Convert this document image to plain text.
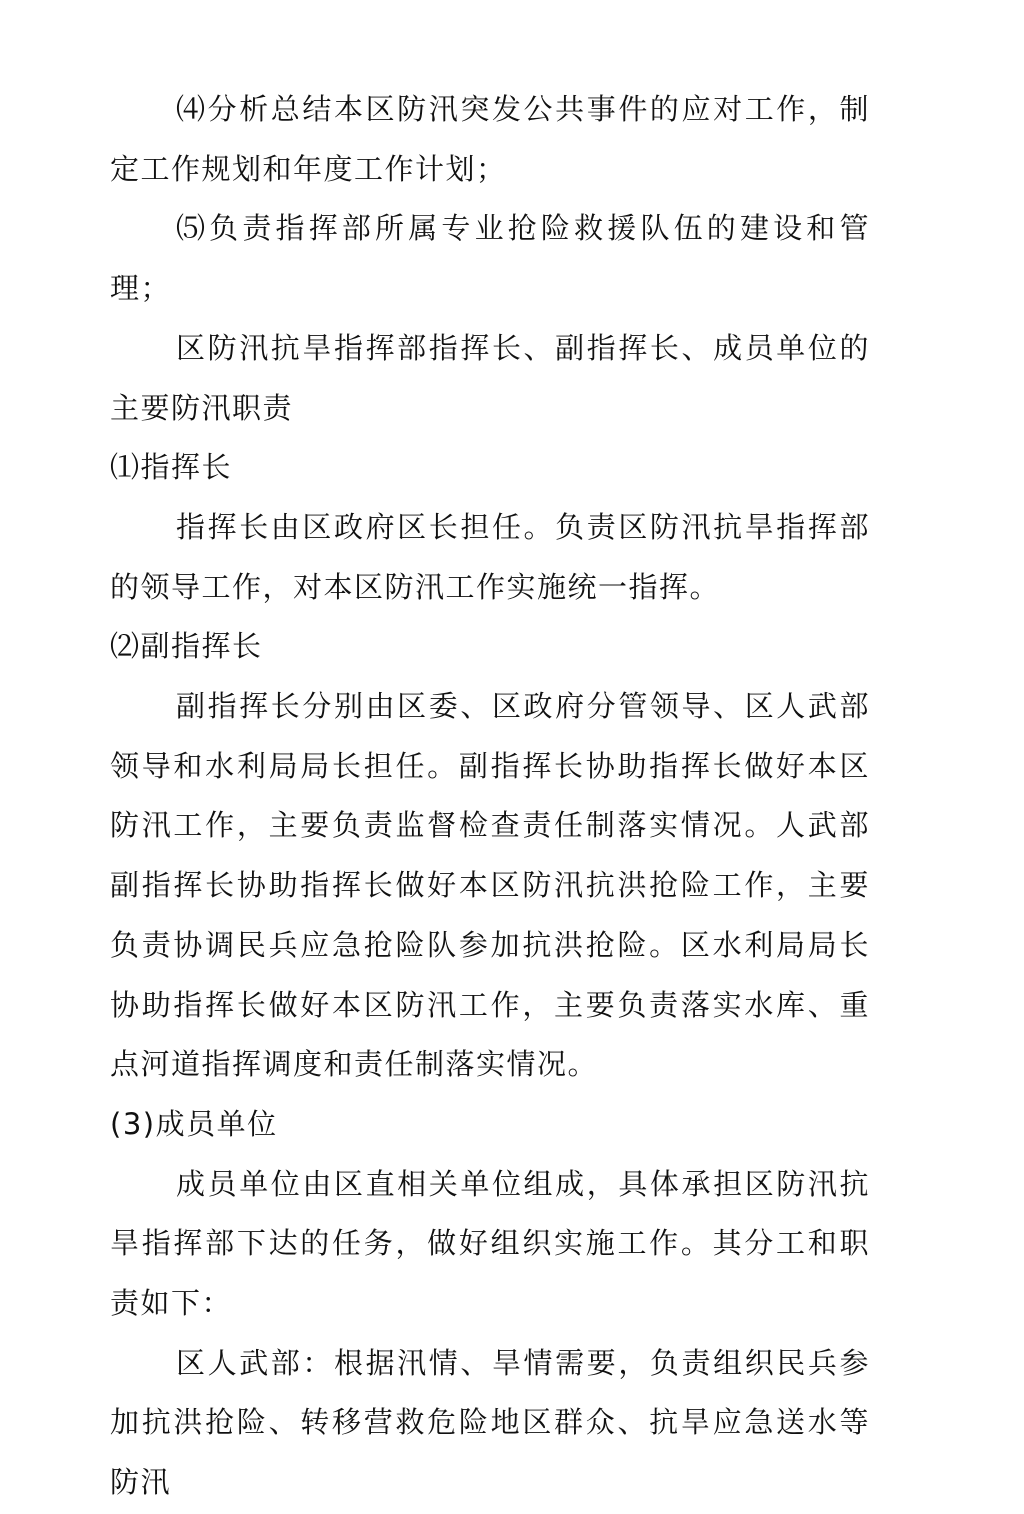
⑷分析总结本区防汛突发公共事件的应对工作，制定工作规划和年度工作计划；

⑸负责指挥部所属专业抢险救援队伍的建设和管理；

区防汛抗旱指挥部指挥长、副指挥长、成员单位的主要防汛职责

⑴指挥长

指挥长由区政府区长担任。负责区防汛抗旱指挥部的领导工作，对本区防汛工作实施统一指挥。

⑵副指挥长

副指挥长分别由区委、区政府分管领导、区人武部领导和水利局局长担任。副指挥长协助指挥长做好本区防汛工作，主要负责监督检查责任制落实情况。人武部副指挥长协助指挥长做好本区防汛抗洪抢险工作，主要负责协调民兵应急抢险队参加抗洪抢险。区水利局局长协助指挥长做好本区防汛工作，主要负责落实水库、重点河道指挥调度和责任制落实情况。

(3)成员单位

成员单位由区直相关单位组成，具体承担区防汛抗旱指挥部下达的任务，做好组织实施工作。其分工和职责如下：

区人武部：根据汛情、旱情需要，负责组织民兵参加抗洪抢险、转移营救危险地区群众、抗旱应急送水等防汛
